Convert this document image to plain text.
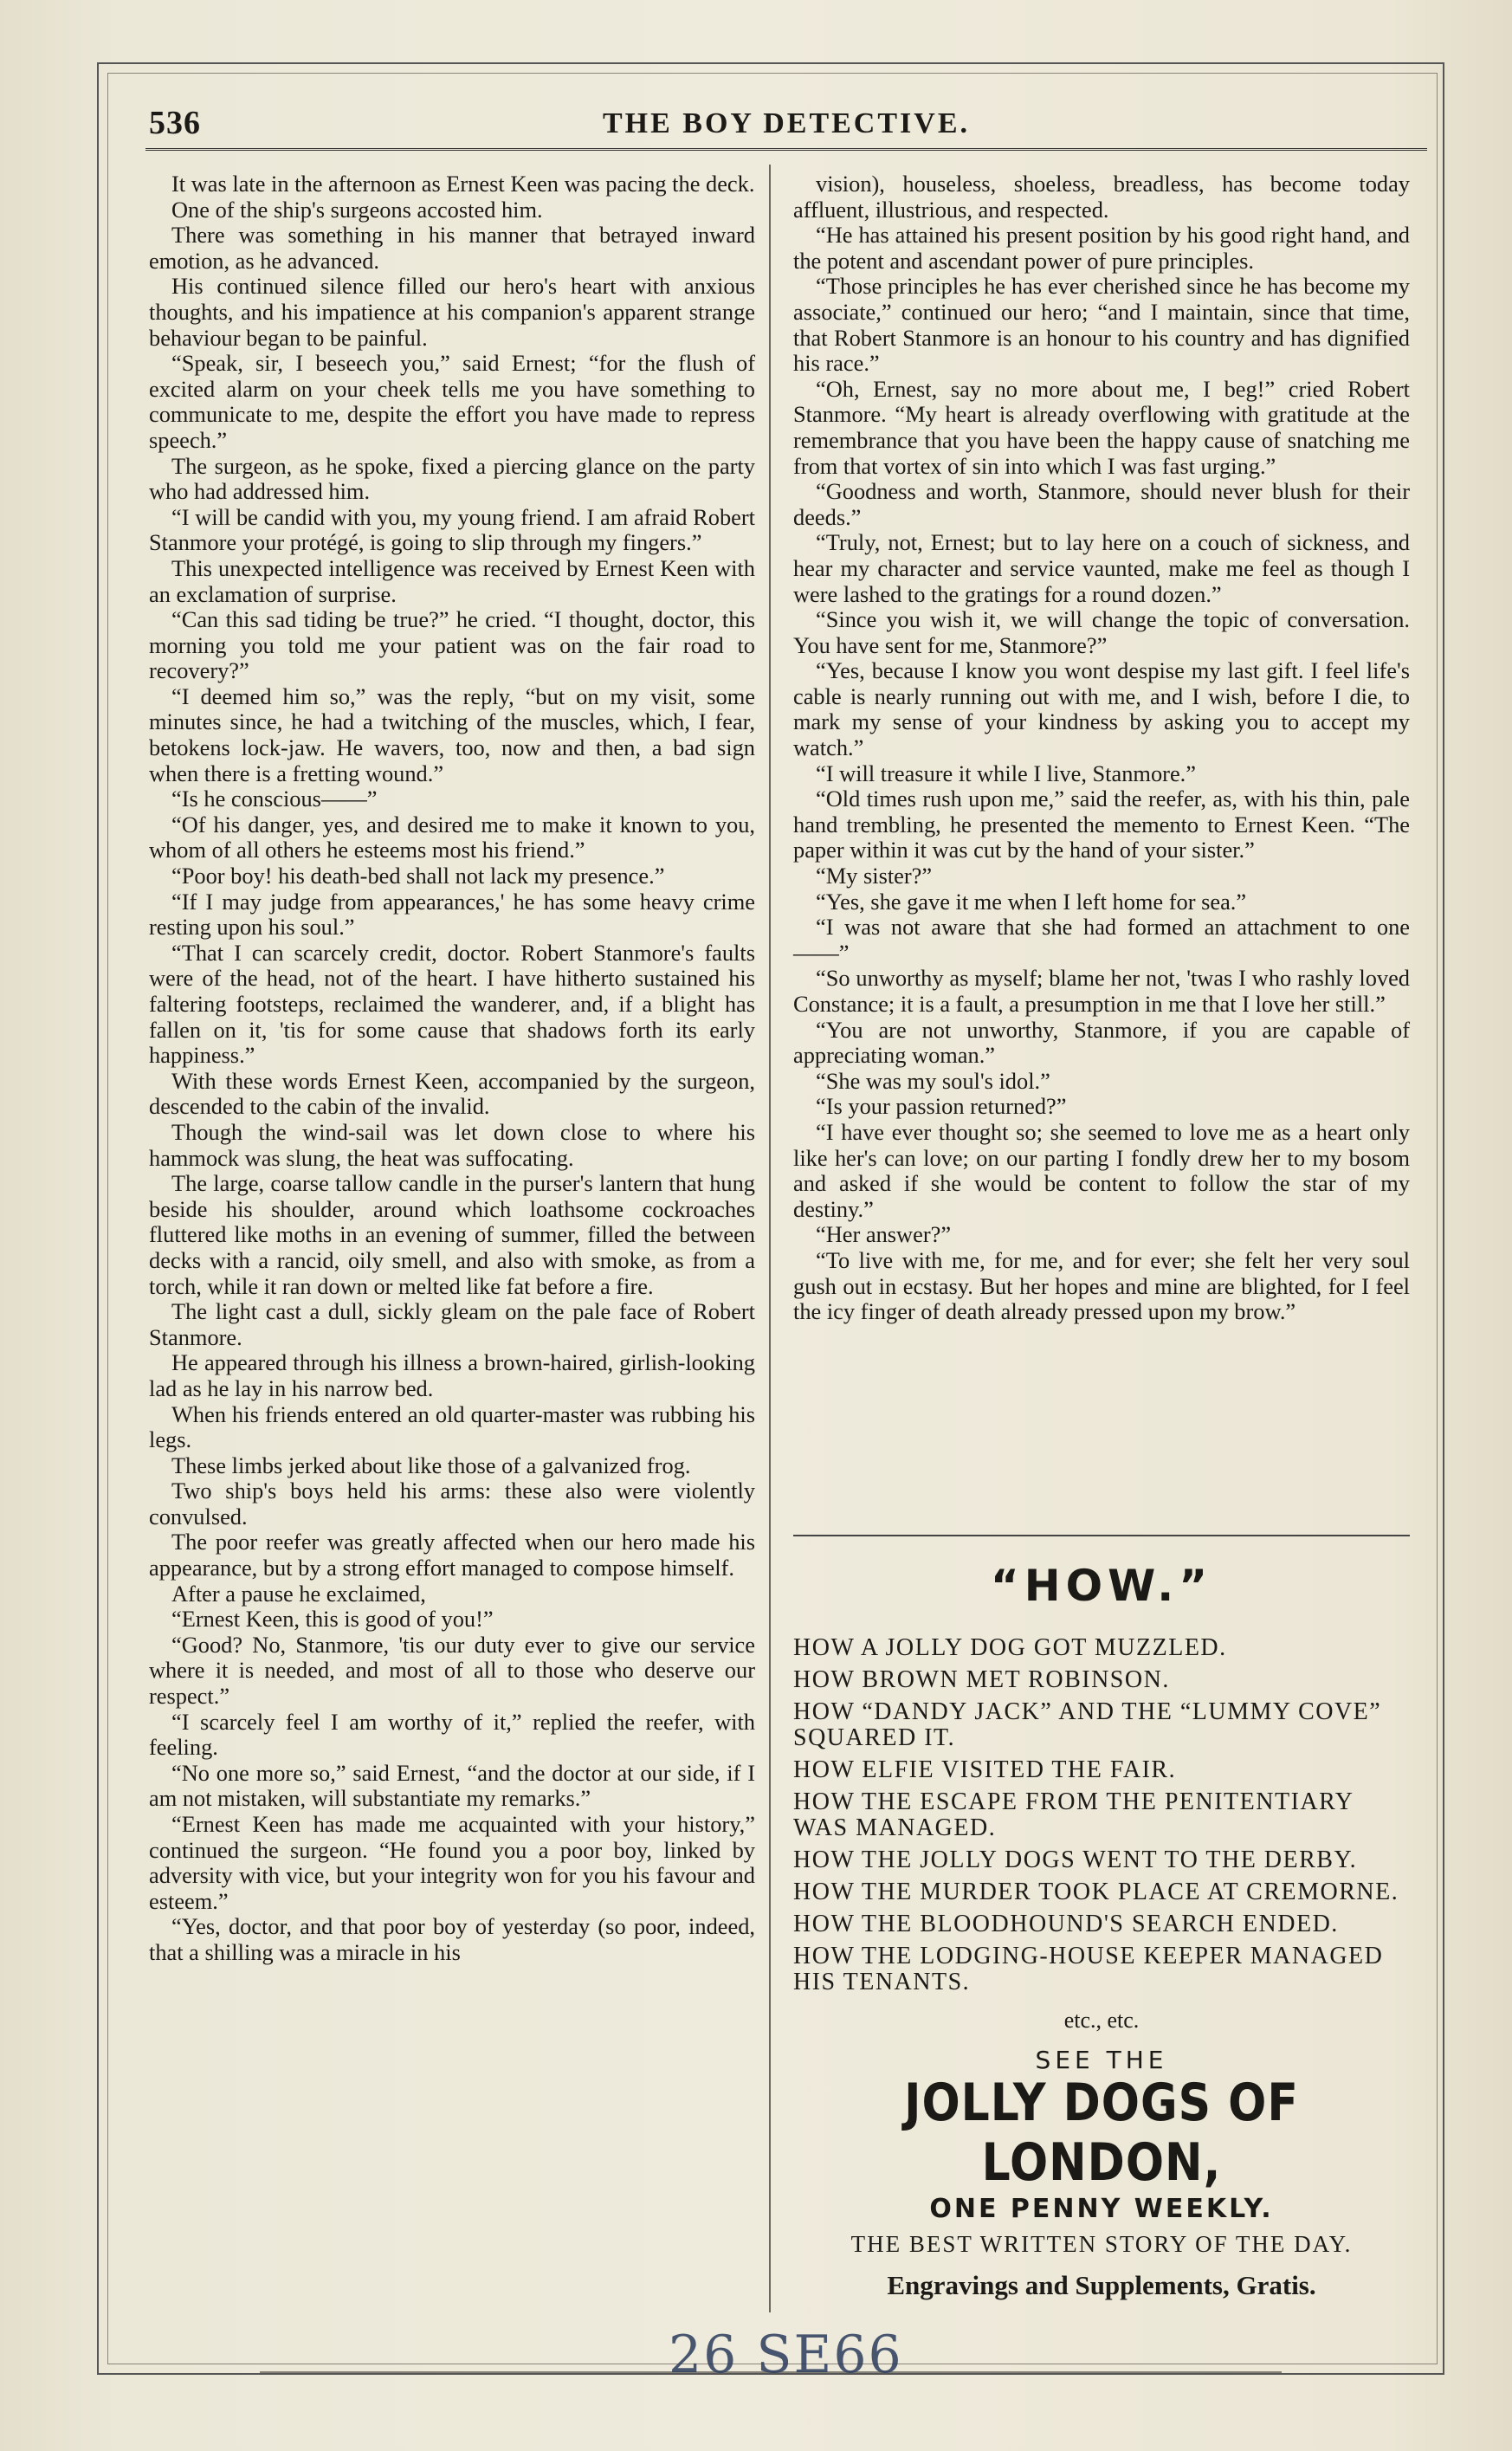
536	THE BOY DETECTIVE.

It was late in the afternoon as Ernest Keen was pacing the deck.

One of the ship's surgeons accosted him.

There was something in his manner that betrayed inward emotion, as he advanced.

His continued silence filled our hero's heart with anxious thoughts, and his impatience at his companion's apparent strange behaviour began to be painful.

“Speak, sir, I beseech you,” said Ernest; “for the flush of excited alarm on your cheek tells me you have something to communicate to me, despite the effort you have made to repress speech.”

The surgeon, as he spoke, fixed a piercing glance on the party who had addressed him.

“I will be candid with you, my young friend. I am afraid Robert Stanmore your protégé, is going to slip through my fingers.”

This unexpected intelligence was received by Ernest Keen with an exclamation of surprise.

“Can this sad tiding be true?” he cried. “I thought, doctor, this morning you told me your patient was on the fair road to recovery?”

“I deemed him so,” was the reply, “but on my visit, some minutes since, he had a twitching of the muscles, which, I fear, betokens lock-jaw. He wavers, too, now and then, a bad sign when there is a fretting wound.”

“Is he conscious——”

“Of his danger, yes, and desired me to make it known to you, whom of all others he esteems most his friend.”

“Poor boy! his death-bed shall not lack my presence.”

“If I may judge from appearances,' he has some heavy crime resting upon his soul.”

“That I can scarcely credit, doctor. Robert Stanmore's faults were of the head, not of the heart. I have hitherto sustained his faltering footsteps, reclaimed the wanderer, and, if a blight has fallen on it, 'tis for some cause that shadows forth its early happiness.”

With these words Ernest Keen, accompanied by the surgeon, descended to the cabin of the invalid.

Though the wind-sail was let down close to where his hammock was slung, the heat was suffocating.

The large, coarse tallow candle in the purser's lantern that hung beside his shoulder, around which loathsome cockroaches fluttered like moths in an evening of summer, filled the between decks with a rancid, oily smell, and also with smoke, as from a torch, while it ran down or melted like fat before a fire.

The light cast a dull, sickly gleam on the pale face of Robert Stanmore.

He appeared through his illness a brown-haired, girlish-looking lad as he lay in his narrow bed.

When his friends entered an old quarter-master was rubbing his legs.

These limbs jerked about like those of a galvanized frog.

Two ship's boys held his arms: these also were violently convulsed.

The poor reefer was greatly affected when our hero made his appearance, but by a strong effort managed to compose himself.

After a pause he exclaimed,

“Ernest Keen, this is good of you!”

“Good? No, Stanmore, 'tis our duty ever to give our service where it is needed, and most of all to those who deserve our respect.”

“I scarcely feel I am worthy of it,” replied the reefer, with feeling.

“No one more so,” said Ernest, “and the doctor at our side, if I am not mistaken, will substantiate my remarks.”

“Ernest Keen has made me acquainted with your history,” continued the surgeon. “He found you a poor boy, linked by adversity with vice, but your integrity won for you his favour and esteem.”

“Yes, doctor, and that poor boy of yesterday (so poor, indeed, that a shilling was a miracle in his

vision), houseless, shoeless, breadless, has become today affluent, illustrious, and respected.

“He has attained his present position by his good right hand, and the potent and ascendant power of pure principles.

“Those principles he has ever cherished since he has become my associate,” continued our hero; “and I maintain, since that time, that Robert Stanmore is an honour to his country and has dignified his race.”

“Oh, Ernest, say no more about me, I beg!” cried Robert Stanmore. “My heart is already overflowing with gratitude at the remembrance that you have been the happy cause of snatching me from that vortex of sin into which I was fast urging.”

“Goodness and worth, Stanmore, should never blush for their deeds.”

“Truly, not, Ernest; but to lay here on a couch of sickness, and hear my character and service vaunted, make me feel as though I were lashed to the gratings for a round dozen.”

“Since you wish it, we will change the topic of conversation. You have sent for me, Stanmore?”

“Yes, because I know you wont despise my last gift. I feel life's cable is nearly running out with me, and I wish, before I die, to mark my sense of your kindness by asking you to accept my watch.”

“I will treasure it while I live, Stanmore.”

“Old times rush upon me,” said the reefer, as, with his thin, pale hand trembling, he presented the memento to Ernest Keen. “The paper within it was cut by the hand of your sister.”

“My sister?”

“Yes, she gave it me when I left home for sea.”

“I was not aware that she had formed an attachment to one ——”

“So unworthy as myself; blame her not, 'twas I who rashly loved Constance; it is a fault, a presumption in me that I love her still.”

“You are not unworthy, Stanmore, if you are capable of appreciating woman.”

“She was my soul's idol.”

“Is your passion returned?”

“I have ever thought so; she seemed to love me as a heart only like her's can love; on our parting I fondly drew her to my bosom and asked if she would be content to follow the star of my destiny.”

“Her answer?”

“To live with me, for me, and for ever; she felt her very soul gush out in ecstasy. But her hopes and mine are blighted, for I feel the icy finger of death already pressed upon my brow.”

“HOW.”
HOW A JOLLY DOG GOT MUZZLED.
HOW BROWN MET ROBINSON.
HOW “DANDY JACK” AND THE “LUMMY COVE” SQUARED IT.
HOW ELFIE VISITED THE FAIR.
HOW THE ESCAPE FROM THE PENITENTIARY WAS MANAGED.
HOW THE JOLLY DOGS WENT TO THE DERBY.
HOW THE MURDER TOOK PLACE AT CREMORNE.
HOW THE BLOODHOUND'S SEARCH ENDED.
HOW THE LODGING-HOUSE KEEPER MANAGED HIS TENANTS.
etc., etc.
SEE THE
JOLLY DOGS OF LONDON,
ONE PENNY WEEKLY.
THE BEST WRITTEN STORY OF THE DAY.
Engravings and Supplements, Gratis.
26 SE66
